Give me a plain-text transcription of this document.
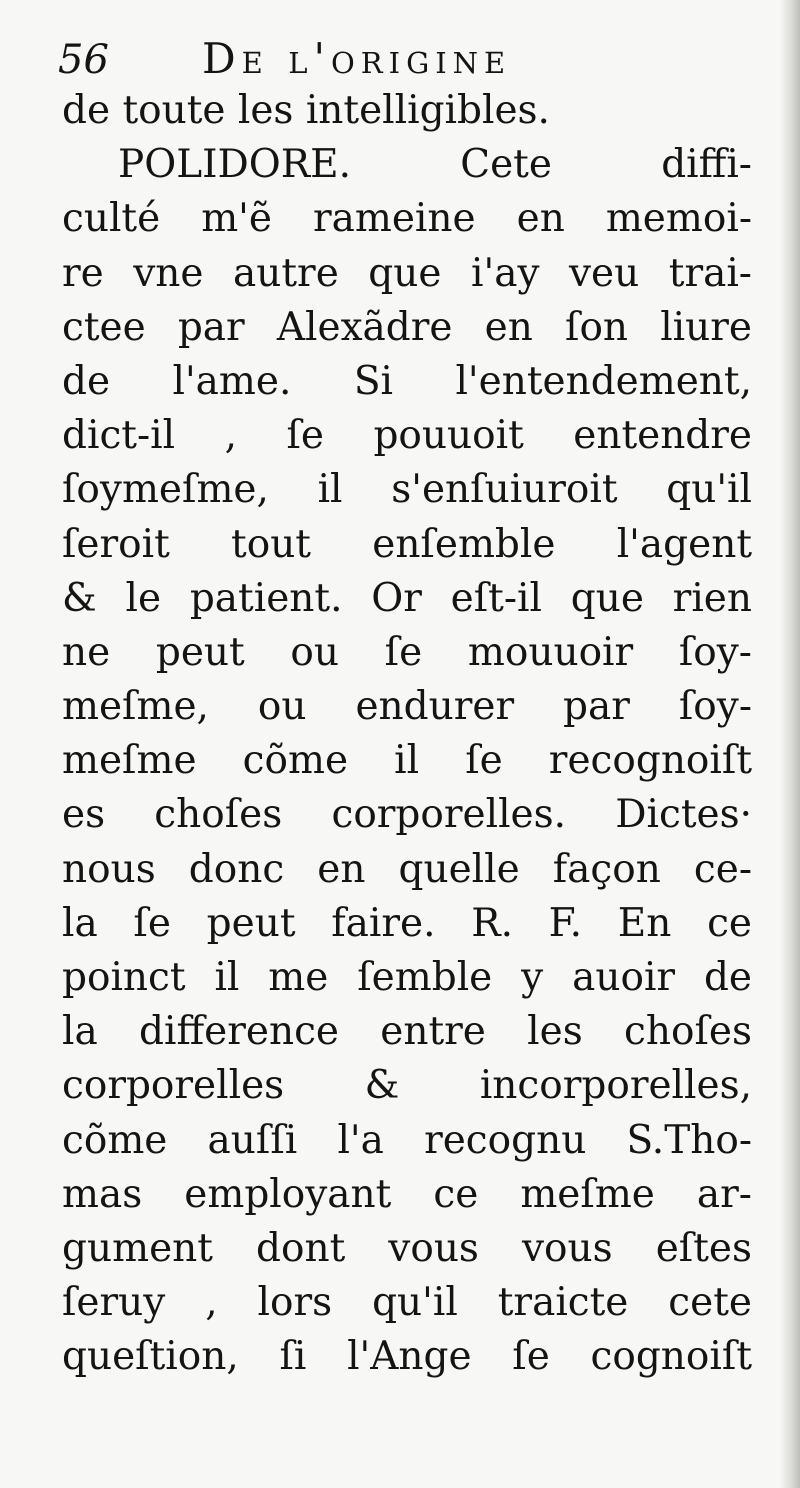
56 De l'origine
de toute les intelligibles.
POLIDORE. Cete diffi-
culté m'ẽ rameine en memoi-
re vne autre que i'ay veu trai-
ctee par Alexãdre en ſon liure
de l'ame. Si l'entendement,
dict-il , ſe pouuoit entendre
ſoymeſme, il s'enſuiuroit qu'il
ſeroit tout enſemble l'agent
& le patient. Or eſt-il que rien
ne peut ou ſe mouuoir ſoy-
meſme, ou endurer par ſoy-
meſme cõme il ſe recognoiſt
es choſes corporelles. Dictes·
nous donc en quelle façon ce-
la ſe peut faire. R. F. En ce
poinct il me ſemble y auoir de
la difference entre les choſes
corporelles & incorporelles,
cõme auſſi l'a recognu S.Tho-
mas employant ce meſme ar-
gument dont vous vous eſtes
ſeruy , lors qu'il traicte cete
queſtion, ſi l'Ange ſe cognoiſt
